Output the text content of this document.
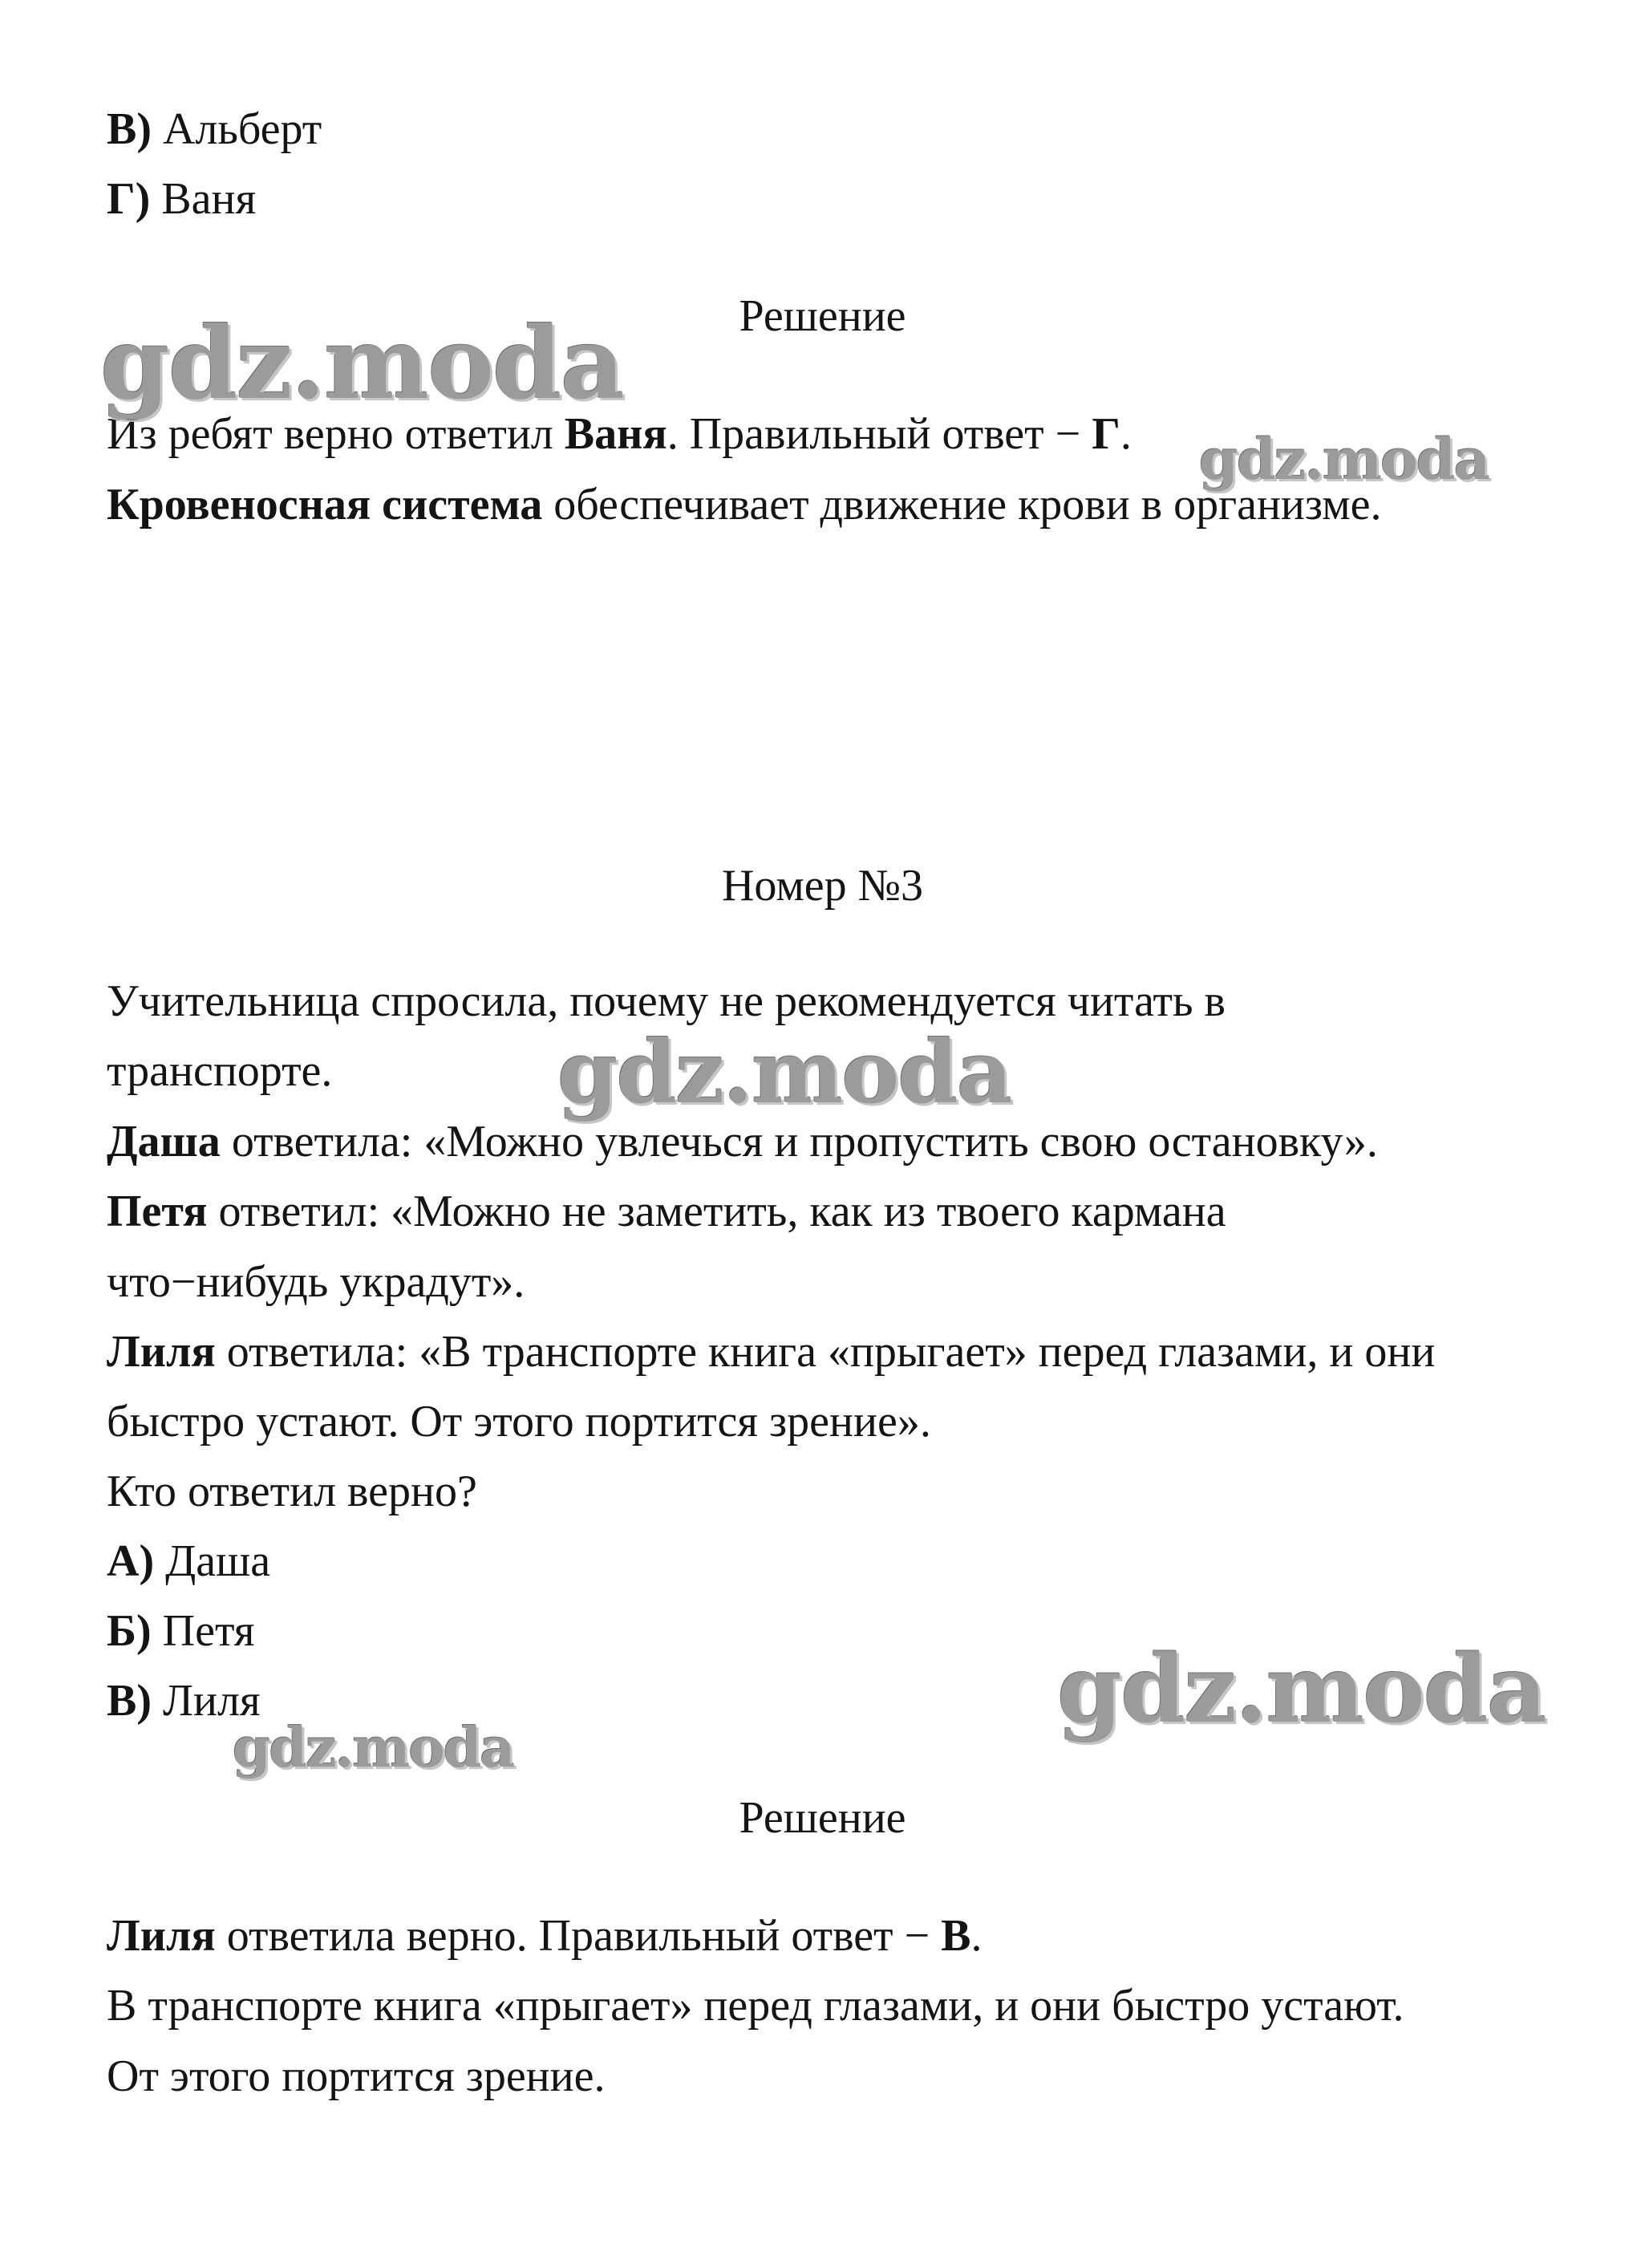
В) Альберт
Г) Ваня
Решение
Из ребят верно ответил Ваня. Правильный ответ − Г.
Кровеносная система обеспечивает движение крови в организме.
Номер №3
Учительница спросила, почему не рекомендуется читать в
транспорте.
Даша ответила: «Можно увлечься и пропустить свою остановку».
Петя ответил: «Можно не заметить, как из твоего кармана
что−нибудь украдут».
Лиля ответила: «В транспорте книга «прыгает» перед глазами, и они
быстро устают. От этого портится зрение».
Кто ответил верно?
А) Даша
Б) Петя
В) Лиля
Решение
Лиля ответила верно. Правильный ответ − В.
В транспорте книга «прыгает» перед глазами, и они быстро устают.
От этого портится зрение.
gdz.moda
gdz.moda
gdz.moda
gdz.moda
gdz.moda
